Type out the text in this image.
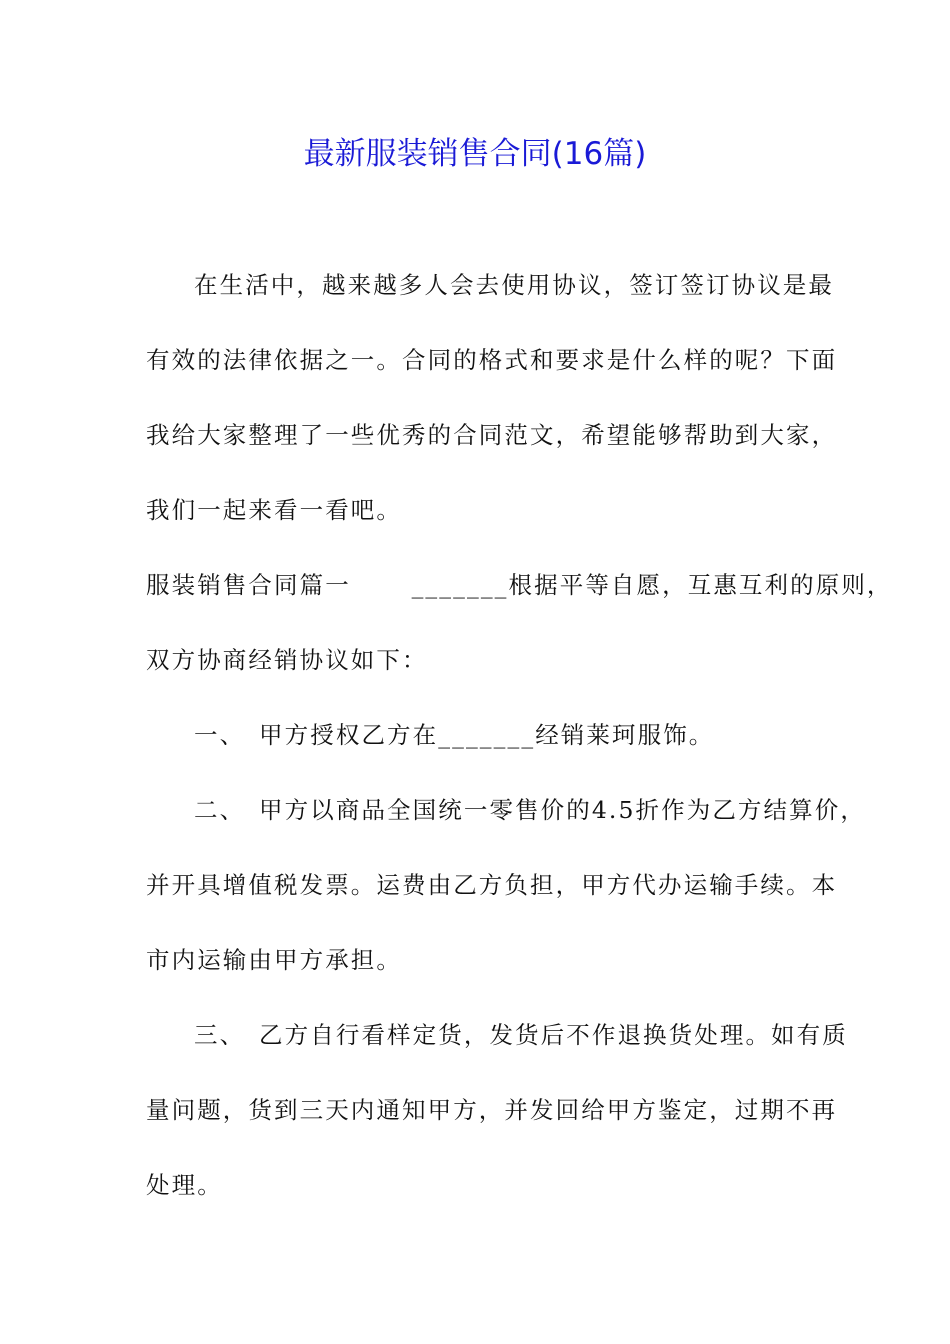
最新服装销售合同(16篇)

在生活中，越来越多人会去使用协议，签订签订协议是最

有效的法律依据之一。合同的格式和要求是什么样的呢？下面

我给大家整理了一些优秀的合同范文，希望能够帮助到大家，

我们一起来看一看吧。

服装销售合同篇一　　 _______根据平等自愿，互惠互利的原则，

双方协商经销协议如下：

一、　甲方授权乙方在_______经销莱珂服饰。

二、　甲方以商品全国统一零售价的4.5折作为乙方结算价，

并开具增值税发票。运费由乙方负担，甲方代办运输手续。本

市内运输由甲方承担。

三、　乙方自行看样定货，发货后不作退换货处理。如有质

量问题，货到三天内通知甲方，并发回给甲方鉴定，过期不再

处理。
